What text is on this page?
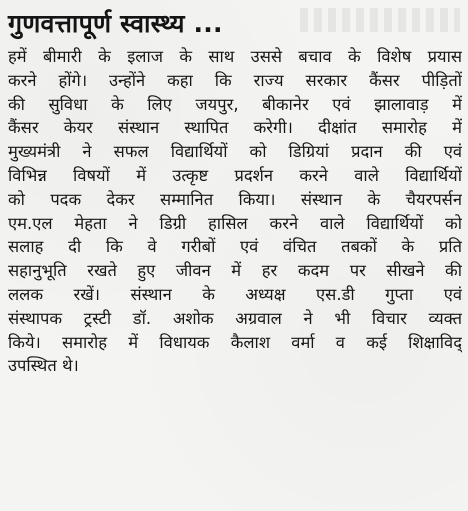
गुणवत्तापूर्ण स्वास्थ्य ...
हमें बीमारी के इलाज के साथ उससे बचाव के विशेष प्रयास
करने होंगे। उन्होंने कहा कि राज्य सरकार कैंसर पीड़ितों
की सुविधा के लिए जयपुर, बीकानेर एवं झालावाड़ में
कैंसर केयर संस्थान स्थापित करेगी। दीक्षांत समारोह में
मुख्यमंत्री ने सफल विद्यार्थियों को डिग्रियां प्रदान की एवं
विभिन्न विषयों में उत्कृष्ट प्रदर्शन करने वाले विद्यार्थियों
को पदक देकर सम्मानित किया। संस्थान के चैयरपर्सन
एम.एल मेहता ने डिग्री हासिल करने वाले विद्यार्थियों को
सलाह दी कि वे गरीबों एवं वंचित तबकों के प्रति
सहानुभूति रखते हुए जीवन में हर कदम पर सीखने की
ललक रखें। संस्थान के अध्यक्ष एस.डी गुप्ता एवं
संस्थापक ट्रस्टी डॉ. अशोक अग्रवाल ने भी विचार व्यक्त
किये। समारोह में विधायक कैलाश वर्मा व कई शिक्षाविद्
उपस्थित थे।
